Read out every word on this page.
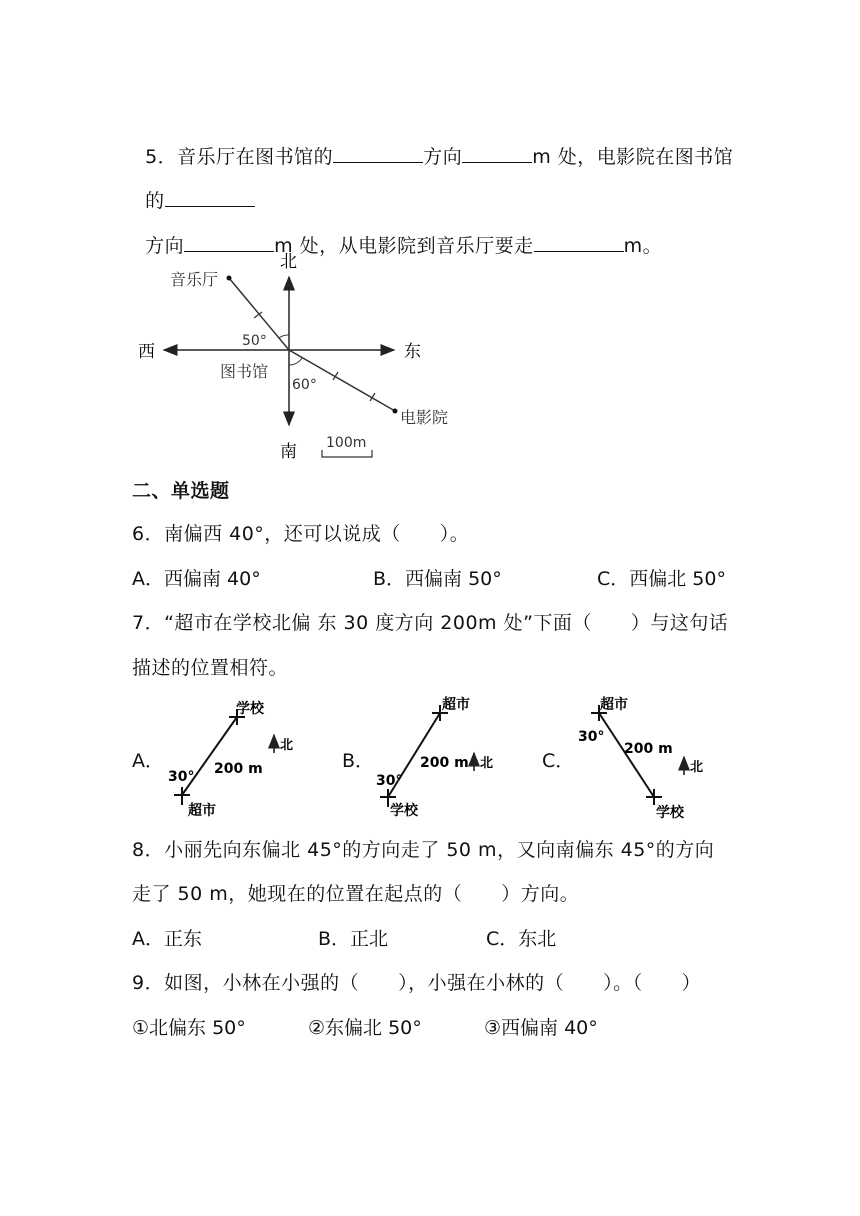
5．音乐厅在图书馆的	方向	m 处，电影院在图书馆

的

方向	m 处，从电影院到音乐厅要走	m。

北
南
东
西
音乐厅
电影院
图书馆
50°
60°
100m
二、单选题
6．南偏西 40°，还可以说成（　　）。
A．西偏南 40°	B．西偏南 50°	C．西偏北 50°
7．“超市在学校北偏 东 30 度方向 200m 处”下面（　　）与这句话
描述的位置相符。
A．	B．	C．
学校
超市
30° 200 m
北
超市
学校
30°
200 m 北
超市
学校
30°
200 m
北
8．小丽先向东偏北 45°的方向走了 50 m，又向南偏东 45°的方向
走了 50 m，她现在的位置在起点的（　　）方向。
A．正东	B．正北	C．东北
9．如图，小林在小强的（　　），小强在小林的（　　）。（　　）
①北偏东 50°	②东偏北 50°	③西偏南 40°
